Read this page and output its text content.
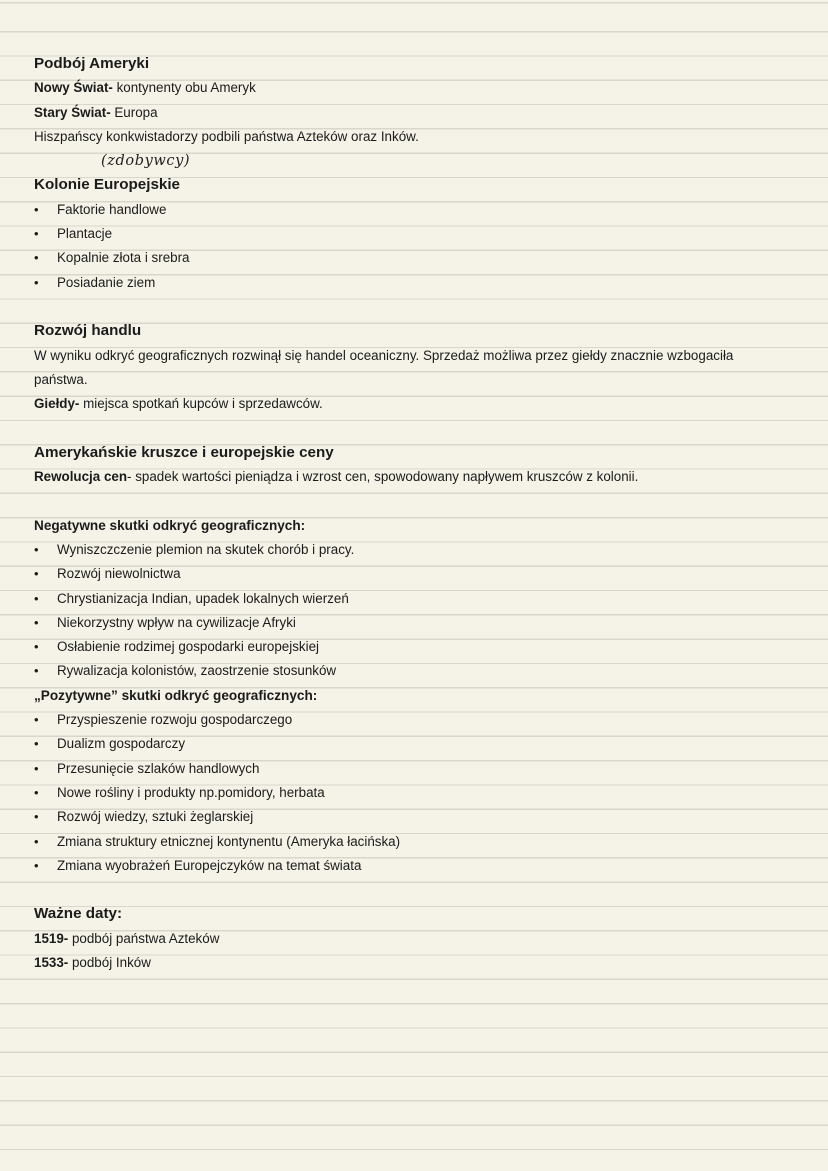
Podbój Ameryki
Nowy Świat- kontynenty obu Ameryk
Stary Świat- Europa
Hiszpańscy konkwistadorzy podbili państwa Azteków oraz Inków.
(zdobywcy)
Kolonie Europejskie
• Faktorie handlowe
• Plantacje
• Kopalnie złota i srebra
• Posiadanie ziem
Rozwój handlu
W wyniku odkryć geograficznych rozwinął się handel oceaniczny. Sprzedaż możliwa przez giełdy znacznie wzbogaciła
państwa.
Giełdy- miejsca spotkań kupców i sprzedawców.
Amerykańskie kruszce i europejskie ceny
Rewolucja cen- spadek wartości pieniądza i wzrost cen, spowodowany napływem kruszców z kolonii.
Negatywne skutki odkryć geograficznych:
• Wyniszczczenie plemion na skutek chorób i pracy.
• Rozwój niewolnictwa
• Chrystianizacja Indian, upadek lokalnych wierzeń
• Niekorzystny wpływ na cywilizacje Afryki
• Osłabienie rodzimej gospodarki europejskiej
• Rywalizacja kolonistów, zaostrzenie stosunków
„Pozytywne” skutki odkryć geograficznych:
• Przyspieszenie rozwoju gospodarczego
• Dualizm gospodarczy
• Przesunięcie szlaków handlowych
• Nowe rośliny i produkty np.pomidory, herbata
• Rozwój wiedzy, sztuki żeglarskiej
• Zmiana struktury etnicznej kontynentu (Ameryka łacińska)
• Zmiana wyobrażeń Europejczyków na temat świata
Ważne daty:
1519- podbój państwa Azteków
1533- podbój Inków
